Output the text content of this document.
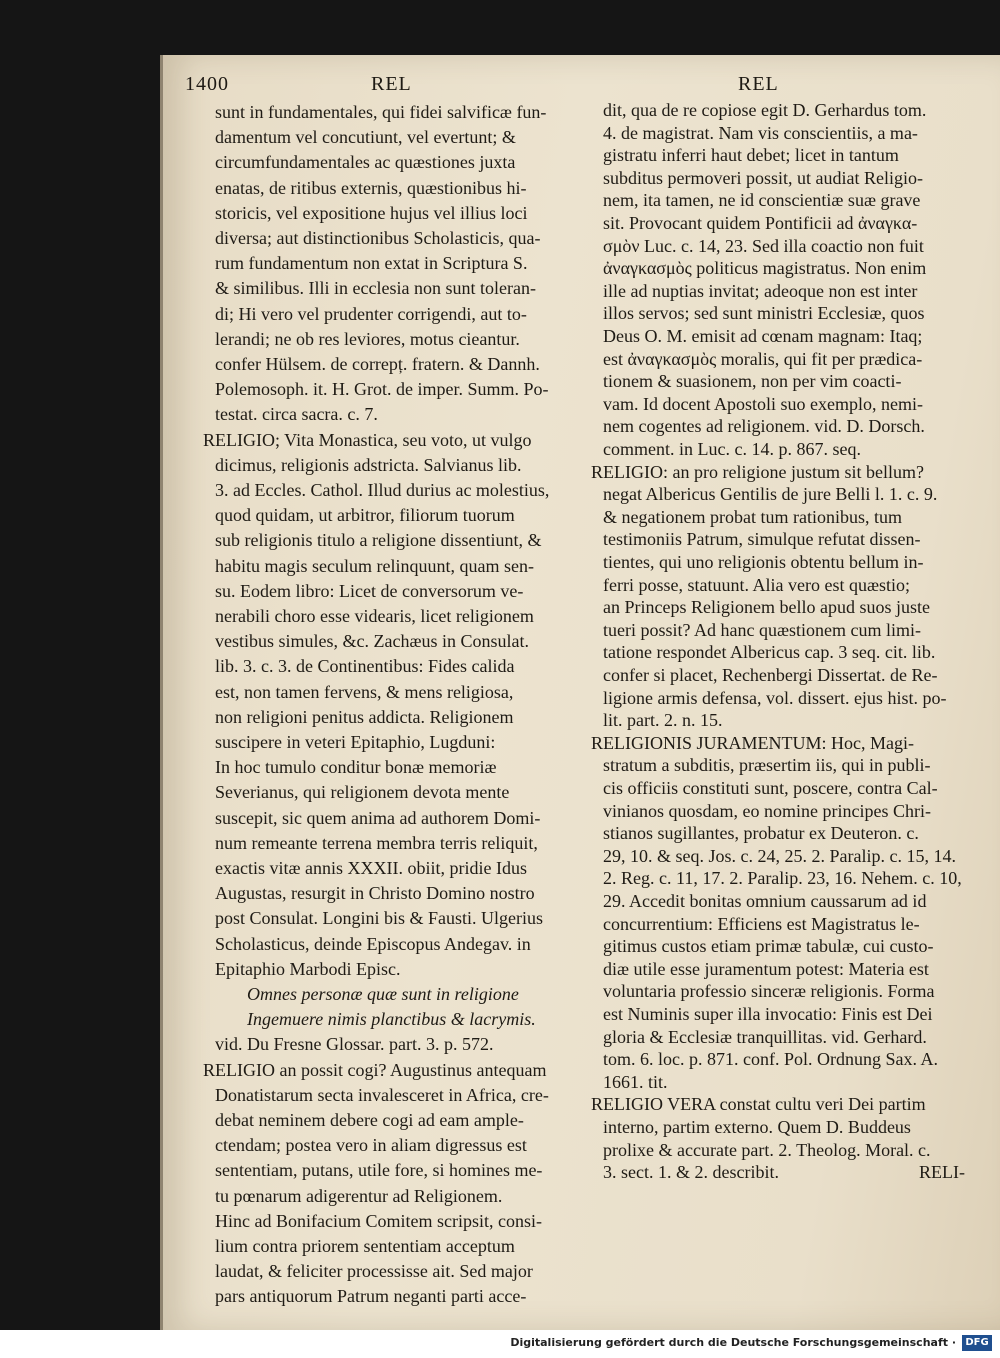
1400	REL	REL
sunt in fundamentales, qui fidei salvificæ fun-
damentum vel concutiunt, vel evertunt; &
circumfundamentales ac quæstiones juxta
enatas, de ritibus externis, quæstionibus hi-
storicis, vel expositione hujus vel illius loci
diversa; aut distinctionibus Scholasticis, qua-
rum fundamentum non extat in Scriptura S.
& similibus. Illi in ecclesia non sunt toleran-
di; Hi vero vel prudenter corrigendi, aut to-
lerandi; ne ob res leviores, motus cieantur.
confer Hülsem. de correpț. fratern. & Dannh.
Polemosoph. it. H. Grot. de imper. Summ. Po-
testat. circa sacra. c. 7.
RELIGIO; Vita Monastica, seu voto, ut vulgo
dicimus, religionis adstricta. Salvianus lib.
3. ad Eccles. Cathol. Illud durius ac molestius,
quod quidam, ut arbitror, filiorum tuorum
sub religionis titulo a religione dissentiunt, &
habitu magis seculum relinquunt, quam sen-
su. Eodem libro: Licet de conversorum ve-
nerabili choro esse videaris, licet religionem
vestibus simules, &c. Zachæus in Consulat.
lib. 3. c. 3. de Continentibus: Fides calida
est, non tamen fervens, & mens religiosa,
non religioni penitus addicta. Religionem
suscipere in veteri Epitaphio, Lugduni:
In hoc tumulo conditur bonæ memoriæ
Severianus, qui religionem devota mente
suscepit, sic quem anima ad authorem Domi-
num remeante terrena membra terris reliquit,
exactis vitæ annis XXXII. obiit, pridie Idus
Augustas, resurgit in Christo Domino nostro
post Consulat. Longini bis & Fausti. Ulgerius
Scholasticus, deinde Episcopus Andegav. in
Epitaphio Marbodi Episc.
Omnes personæ quæ sunt in religione
Ingemuere nimis planctibus & lacrymis.
vid. Du Fresne Glossar. part. 3. p. 572.
RELIGIO an possit cogi? Augustinus antequam
Donatistarum secta invalesceret in Africa, cre-
debat neminem debere cogi ad eam ample-
ctendam; postea vero in aliam digressus est
sententiam, putans, utile fore, si homines me-
tu pœnarum adigerentur ad Religionem.
Hinc ad Bonifacium Comitem scripsit, consi-
lium contra priorem sententiam acceptum
laudat, & feliciter processisse ait. Sed major
pars antiquorum Patrum neganti parti acce-
dit, qua de re copiose egit D. Gerhardus tom.
4. de magistrat. Nam vis conscientiis, a ma-
gistratu inferri haut debet; licet in tantum
subditus permoveri possit, ut audiat Religio-
nem, ita tamen, ne id conscientiæ suæ grave
sit. Provocant quidem Pontificii ad ἀναγκα-
σμὸν Luc. c. 14, 23. Sed illa coactio non fuit
ἀναγκασμὸς politicus magistratus. Non enim
ille ad nuptias invitat; adeoque non est inter
illos servos; sed sunt ministri Ecclesiæ, quos
Deus O. M. emisit ad cœnam magnam: Itaq;
est ἀναγκασμὸς moralis, qui fit per prædica-
tionem & suasionem, non per vim coacti-
vam. Id docent Apostoli suo exemplo, nemi-
nem cogentes ad religionem. vid. D. Dorsch.
comment. in Luc. c. 14. p. 867. seq.
RELIGIO: an pro religione justum sit bellum?
negat Albericus Gentilis de jure Belli l. 1. c. 9.
& negationem probat tum rationibus, tum
testimoniis Patrum, simulque refutat dissen-
tientes, qui uno religionis obtentu bellum in-
ferri posse, statuunt. Alia vero est quæstio;
an Princeps Religionem bello apud suos juste
tueri possit? Ad hanc quæstionem cum limi-
tatione respondet Albericus cap. 3 seq. cit. lib.
confer si placet, Rechenbergi Dissertat. de Re-
ligione armis defensa, vol. dissert. ejus hist. po-
lit. part. 2. n. 15.
RELIGIONIS JURAMENTUM: Hoc, Magi-
stratum a subditis, præsertim iis, qui in publi-
cis officiis constituti sunt, poscere, contra Cal-
vinianos quosdam, eo nomine principes Chri-
stianos sugillantes, probatur ex Deuteron. c.
29, 10. & seq. Jos. c. 24, 25. 2. Paralip. c. 15, 14.
2. Reg. c. 11, 17. 2. Paralip. 23, 16. Nehem. c. 10,
29. Accedit bonitas omnium caussarum ad id
concurrentium: Efficiens est Magistratus le-
gitimus custos etiam primæ tabulæ, cui custo-
diæ utile esse juramentum potest: Materia est
voluntaria professio sinceræ religionis. Forma
est Numinis super illa invocatio: Finis est Dei
gloria & Ecclesiæ tranquillitas. vid. Gerhard.
tom. 6. loc. p. 871. conf. Pol. Ordnung Sax. A.
1661. tit.
RELIGIO VERA constat cultu veri Dei partim
interno, partim externo. Quem D. Buddeus
prolixe & accurate part. 2. Theolog. Moral. c.
3. sect. 1. & 2. describit.	RELI-
Digitalisierung gefördert durch die Deutsche Forschungsgemeinschaft · DFG
